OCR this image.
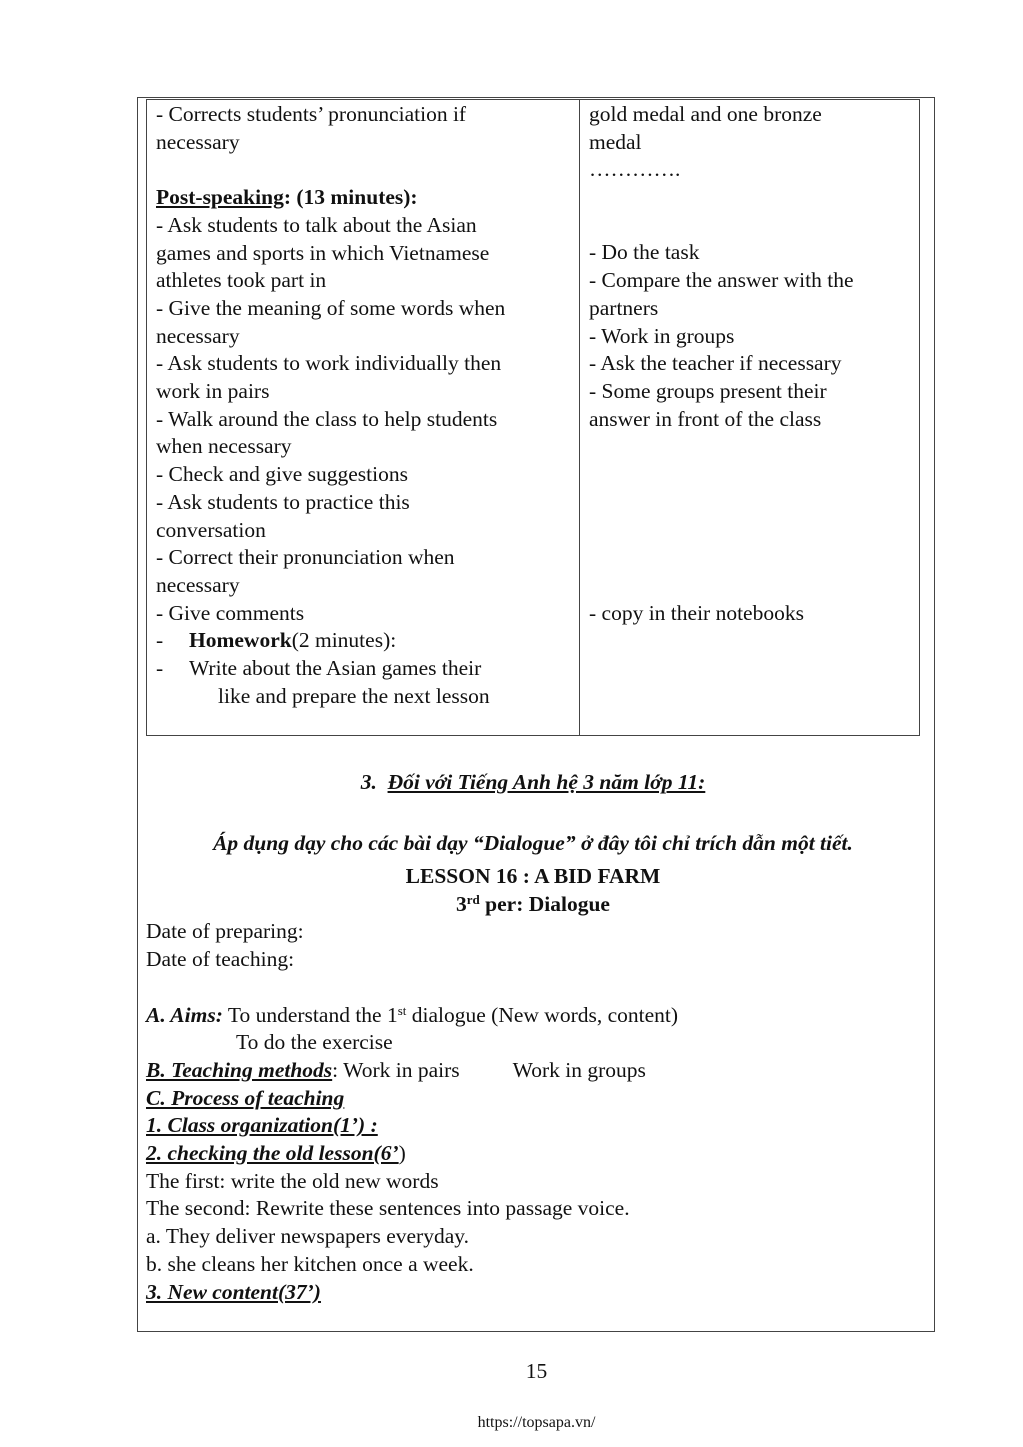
- Corrects students’ pronunciation if
necessary
Post-speaking: (13 minutes):
- Ask students to talk about the Asian
games and sports in which Vietnamese
athletes took part in
- Give the meaning of some words when
necessary
- Ask students to work individually then
work in pairs
- Walk around the class to help students
when necessary
- Check and give suggestions
- Ask students to practice this
conversation
- Correct their pronunciation when
necessary
- Give comments
- Homework(2 minutes):
- Write about the Asian games their
like and prepare the next lesson
gold medal and one bronze
medal
………….
- Do the task
- Compare the answer with the
partners
- Work in groups
- Ask the teacher if necessary
- Some groups present their
answer in front of the class
- copy in their notebooks
3. Đối với Tiếng Anh hệ 3 năm lớp 11:
Áp dụng dạy cho các bài dạy “Dialogue” ở đây tôi chỉ trích dẫn một tiết.
LESSON 16 : A BID FARM
3rd per: Dialogue
Date of preparing:
Date of teaching:
A. Aims: To understand the 1st dialogue (New words, content)
To do the exercise
B. Teaching methods: Work in pairs Work in groups
C. Process of teaching
1. Class organization(1’) :
2. checking the old lesson(6’)
The first: write the old new words
The second: Rewrite these sentences into passage voice.
a. They deliver newspapers everyday.
b. she cleans her kitchen once a week.
3. New content(37’)
15
https://topsapa.vn/
